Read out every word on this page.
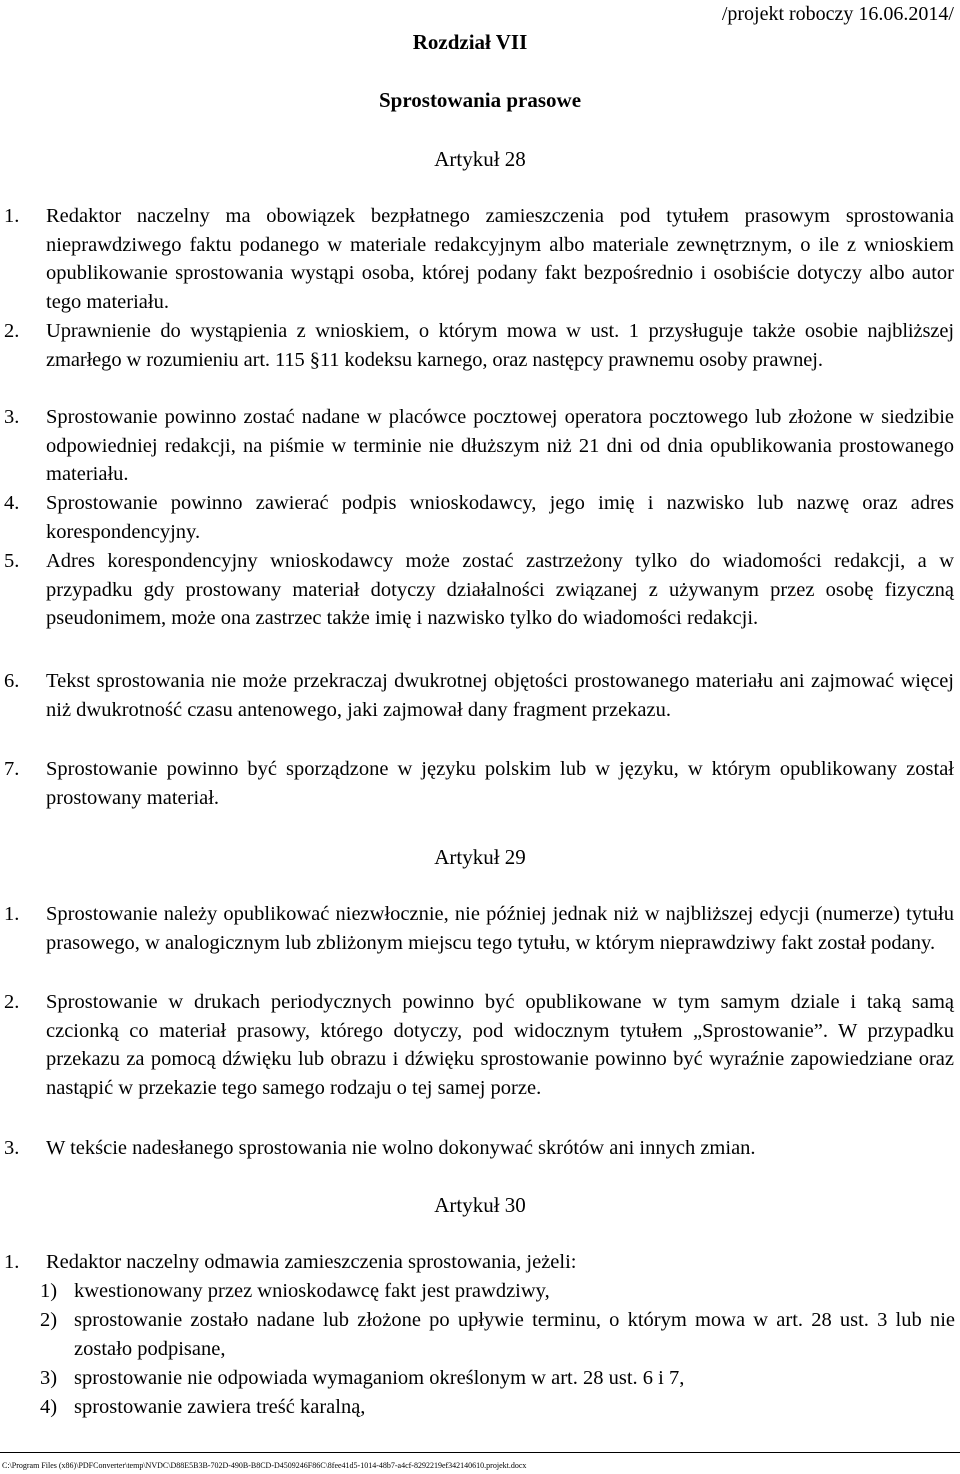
/projekt roboczy 16.06.2014/
Rozdział VII
Sprostowania prasowe
Artykuł 28
1. Redaktor naczelny ma obowiązek bezpłatnego zamieszczenia pod tytułem prasowym sprostowania nieprawdziwego faktu podanego w materiale redakcyjnym albo materiale zewnętrznym, o ile z wnioskiem opublikowanie sprostowania wystąpi osoba, której podany fakt bezpośrednio i osobiście dotyczy albo autor tego materiału.
2. Uprawnienie do wystąpienia z wnioskiem, o którym mowa w ust. 1 przysługuje także osobie najbliższej zmarłego w rozumieniu art. 115 §11 kodeksu karnego, oraz następcy prawnemu osoby prawnej.
3. Sprostowanie powinno zostać nadane w placówce pocztowej operatora pocztowego lub złożone w siedzibie odpowiedniej redakcji, na piśmie w terminie nie dłuższym niż 21 dni od dnia opublikowania prostowanego materiału.
4. Sprostowanie powinno zawierać podpis wnioskodawcy, jego imię i nazwisko lub nazwę oraz adres korespondencyjny.
5. Adres korespondencyjny wnioskodawcy może zostać zastrzeżony tylko do wiadomości redakcji, a w przypadku gdy prostowany materiał dotyczy działalności związanej z używanym przez osobę fizyczną pseudonimem, może ona zastrzec także imię i nazwisko tylko do wiadomości redakcji.
6. Tekst sprostowania nie może przekraczaj dwukrotnej objętości prostowanego materiału ani zajmować więcej niż dwukrotność czasu antenowego, jaki zajmował dany fragment przekazu.
7. Sprostowanie powinno być sporządzone w języku polskim lub w języku, w którym opublikowany został prostowany materiał.
Artykuł 29
1. Sprostowanie należy opublikować niezwłocznie, nie później jednak niż w najbliższej edycji (numerze) tytułu prasowego, w analogicznym lub zbliżonym miejscu tego tytułu, w którym nieprawdziwy fakt został podany.
2. Sprostowanie w drukach periodycznych powinno być opublikowane w tym samym dziale i taką samą czcionką co materiał prasowy, którego dotyczy, pod widocznym tytułem „Sprostowanie”. W przypadku przekazu za pomocą dźwięku lub obrazu i dźwięku sprostowanie powinno być wyraźnie zapowiedziane oraz nastąpić w przekazie tego samego rodzaju o tej samej porze.
3. W tekście nadesłanego sprostowania nie wolno dokonywać skrótów ani innych zmian.
Artykuł 30
1. Redaktor naczelny odmawia zamieszczenia sprostowania, jeżeli:
1) kwestionowany przez wnioskodawcę fakt jest prawdziwy,
2) sprostowanie zostało nadane lub złożone po upływie terminu, o którym mowa w art. 28 ust. 3 lub nie zostało podpisane,
3) sprostowanie nie odpowiada wymaganiom określonym w art. 28 ust. 6 i 7,
4) sprostowanie zawiera treść karalną,
C:\Program Files (x86)\PDFConverter\temp\NVDC\D88E5B3B-702D-490B-B8CD-D4509246F86C\8fee41d5-1014-48b7-a4cf-8292219ef342140610.projekt.docx
